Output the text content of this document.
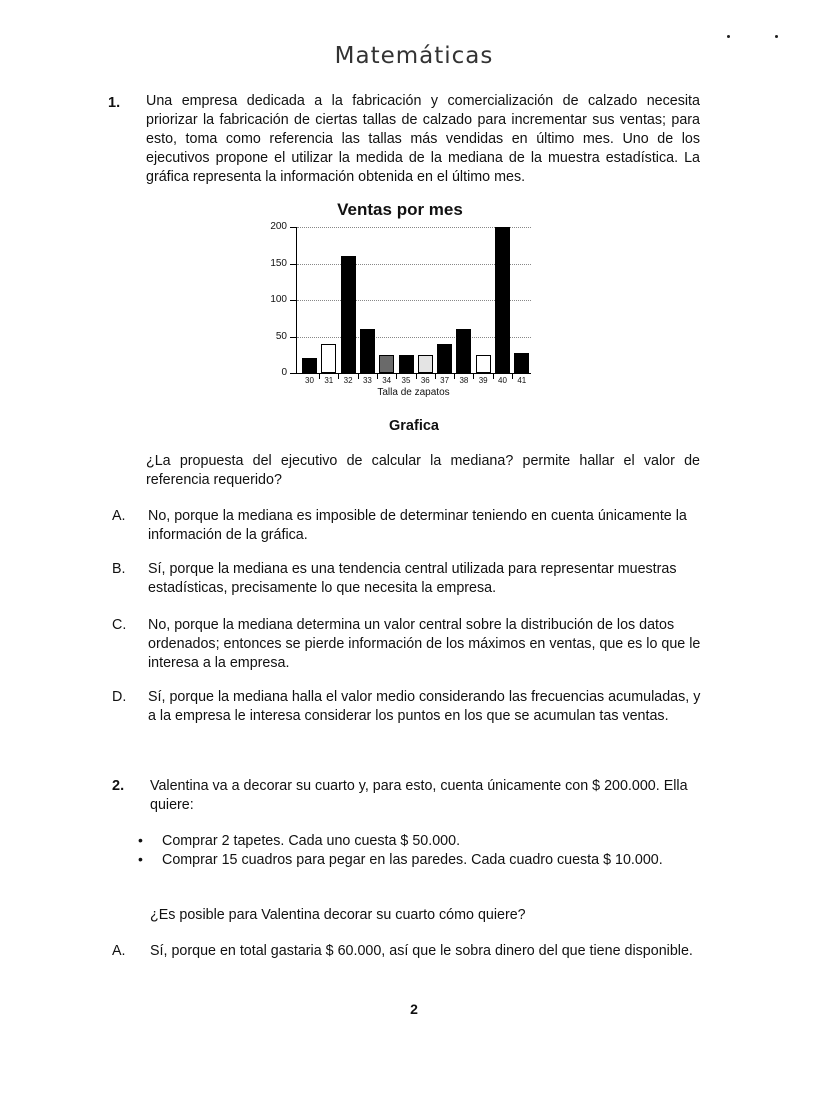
Matemáticas
1. Una empresa dedicada a la fabricación y comercialización de calzado necesita priorizar la fabricación de ciertas tallas de calzado para incrementar sus ventas; para esto, toma como referencia las tallas más vendidas en último mes. Uno de los ejecutivos propone el utilizar la medida de la mediana de la muestra estadística. La gráfica representa la información obtenida en el último mes.
Ventas por mes
0
50
100
150
200
30	31	32	33	34	35	36	37	38	39	40	41
Talla de zapatos
Grafica
¿La propuesta del ejecutivo de calcular la mediana? permite hallar el valor de referencia requerido?
A. No, porque la mediana es imposible de determinar teniendo en cuenta únicamente la información de la gráfica.
B. Sí, porque la mediana es una tendencia central utilizada para representar muestras estadísticas, precisamente lo que necesita la empresa.
C. No, porque la mediana determina un valor central sobre la distribución de los datos ordenados; entonces se pierde información de los máximos en ventas, que es lo que le interesa a la empresa.
D. Sí, porque la mediana halla el valor medio considerando las frecuencias acumuladas, y a la empresa le interesa considerar los puntos en los que se acumulan tas ventas.
2. Valentina va a decorar su cuarto y, para esto, cuenta únicamente con $ 200.000. Ella quiere:
• Comprar 2 tapetes. Cada uno cuesta $ 50.000.
• Comprar 15 cuadros para pegar en las paredes. Cada cuadro cuesta $ 10.000.
¿Es posible para Valentina decorar su cuarto cómo quiere?
A. Sí, porque en total gastaria $ 60.000, así que le sobra dinero del que tiene disponible.
2
